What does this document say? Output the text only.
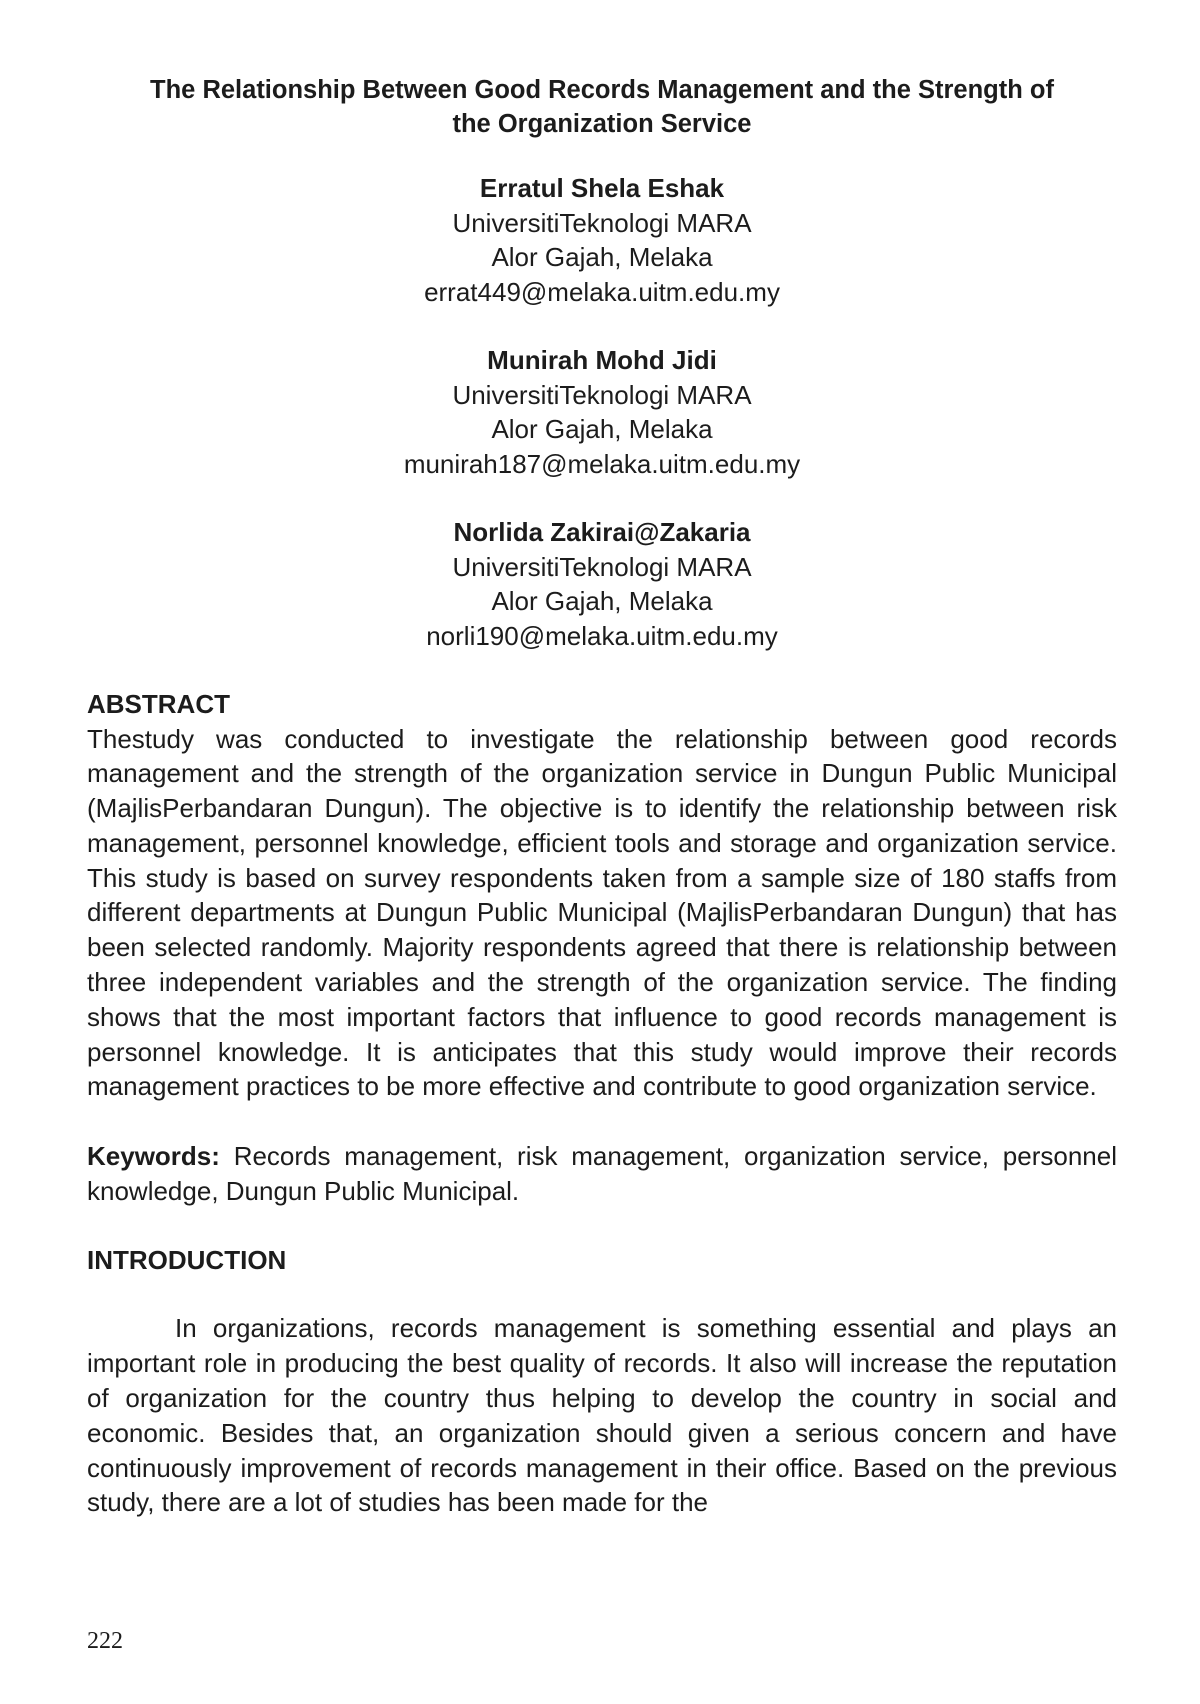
The Relationship Between Good Records Management and the Strength of
the Organization Service
Erratul Shela Eshak
UniversitiTeknologi MARA
Alor Gajah, Melaka
errat449@melaka.uitm.edu.my
Munirah Mohd Jidi
UniversitiTeknologi MARA
Alor Gajah, Melaka
munirah187@melaka.uitm.edu.my
Norlida Zakirai@Zakaria
UniversitiTeknologi MARA
Alor Gajah, Melaka
norli190@melaka.uitm.edu.my
ABSTRACT

Thestudy was conducted to investigate the relationship between good records management and the strength of the organization service in Dungun Public Municipal (MajlisPerbandaran Dungun). The objective is to identify the relationship between risk management, personnel knowledge, efficient tools and storage and organization service. This study is based on survey respondents taken from a sample size of 180 staffs from different departments at Dungun Public Municipal (MajlisPerbandaran Dungun) that has been selected randomly. Majority respondents agreed that there is relationship between three independent variables and the strength of the organization service. The finding shows that the most important factors that influence to good records management is personnel knowledge. It is anticipates that this study would improve their records management practices to be more effective and contribute to good organization service.

Keywords: Records management, risk management, organization service, personnel knowledge, Dungun Public Municipal.

INTRODUCTION

In organizations, records management is something essential and plays an important role in producing the best quality of records. It also will increase the reputation of organization for the country thus helping to develop the country in social and economic. Besides that, an organization should given a serious concern and have continuously improvement of records management in their office. Based on the previous study, there are a lot of studies has been made for the

222
